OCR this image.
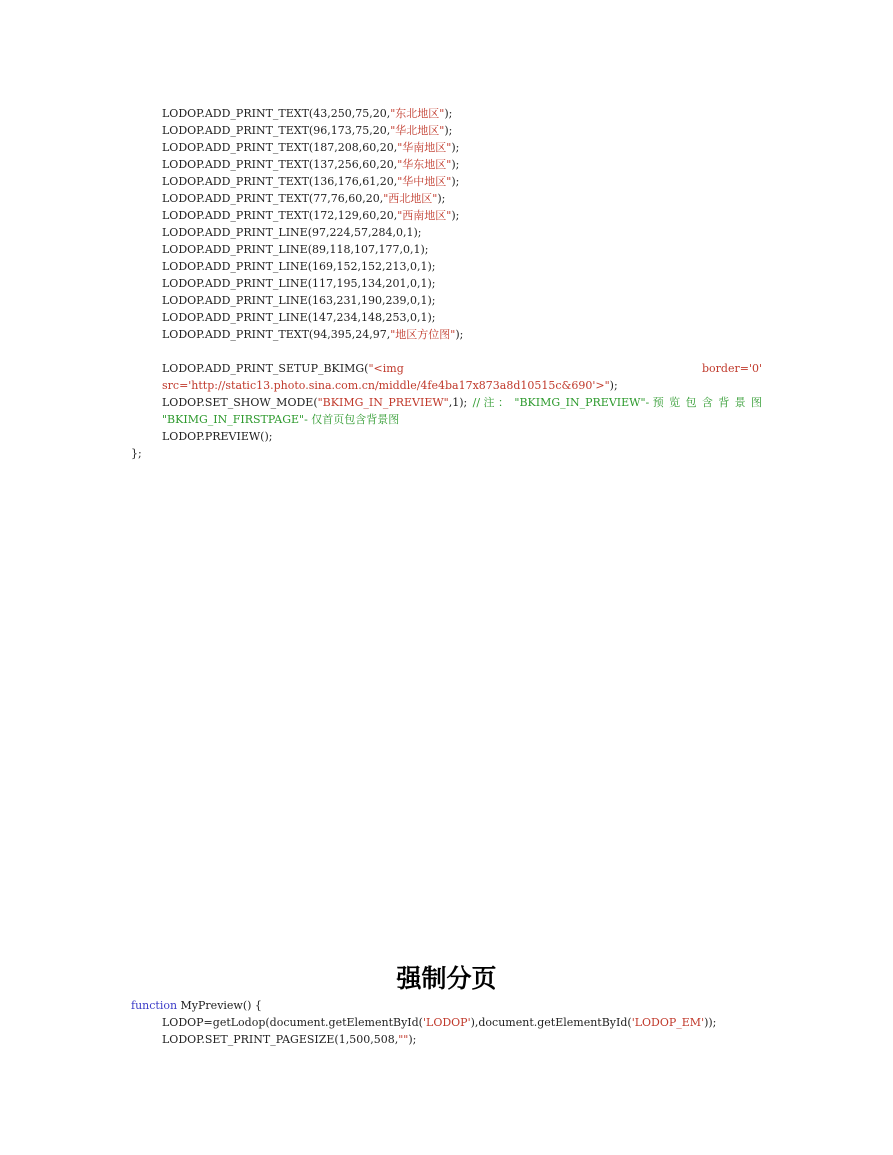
LODOP.ADD_PRINT_TEXT(43,250,75,20,"东北地区");
LODOP.ADD_PRINT_TEXT(96,173,75,20,"华北地区");
LODOP.ADD_PRINT_TEXT(187,208,60,20,"华南地区");
LODOP.ADD_PRINT_TEXT(137,256,60,20,"华东地区");
LODOP.ADD_PRINT_TEXT(136,176,61,20,"华中地区");
LODOP.ADD_PRINT_TEXT(77,76,60,20,"西北地区");
LODOP.ADD_PRINT_TEXT(172,129,60,20,"西南地区");
LODOP.ADD_PRINT_LINE(97,224,57,284,0,1);
LODOP.ADD_PRINT_LINE(89,118,107,177,0,1);
LODOP.ADD_PRINT_LINE(169,152,152,213,0,1);
LODOP.ADD_PRINT_LINE(117,195,134,201,0,1);
LODOP.ADD_PRINT_LINE(163,231,190,239,0,1);
LODOP.ADD_PRINT_LINE(147,234,148,253,0,1);
LODOP.ADD_PRINT_TEXT(94,395,24,97,"地区方位图");
LODOP.ADD_PRINT_SETUP_BKIMG("<img	border='0'
src='http://static13.photo.sina.com.cn/middle/4fe4ba17x873a8d10515c&690'>");
LODOP.SET_SHOW_MODE("BKIMG_IN_PREVIEW",1); // 注 ： "BKIMG_IN_PREVIEW"- 预 览 包 含 背 景 图
"BKIMG_IN_FIRSTPAGE"- 仅首页包含背景图
LODOP.PREVIEW();
};
强制分页
function MyPreview() {
LODOP=getLodop(document.getElementById('LODOP'),document.getElementById('LODOP_EM'));
LODOP.SET_PRINT_PAGESIZE(1,500,508,"");
